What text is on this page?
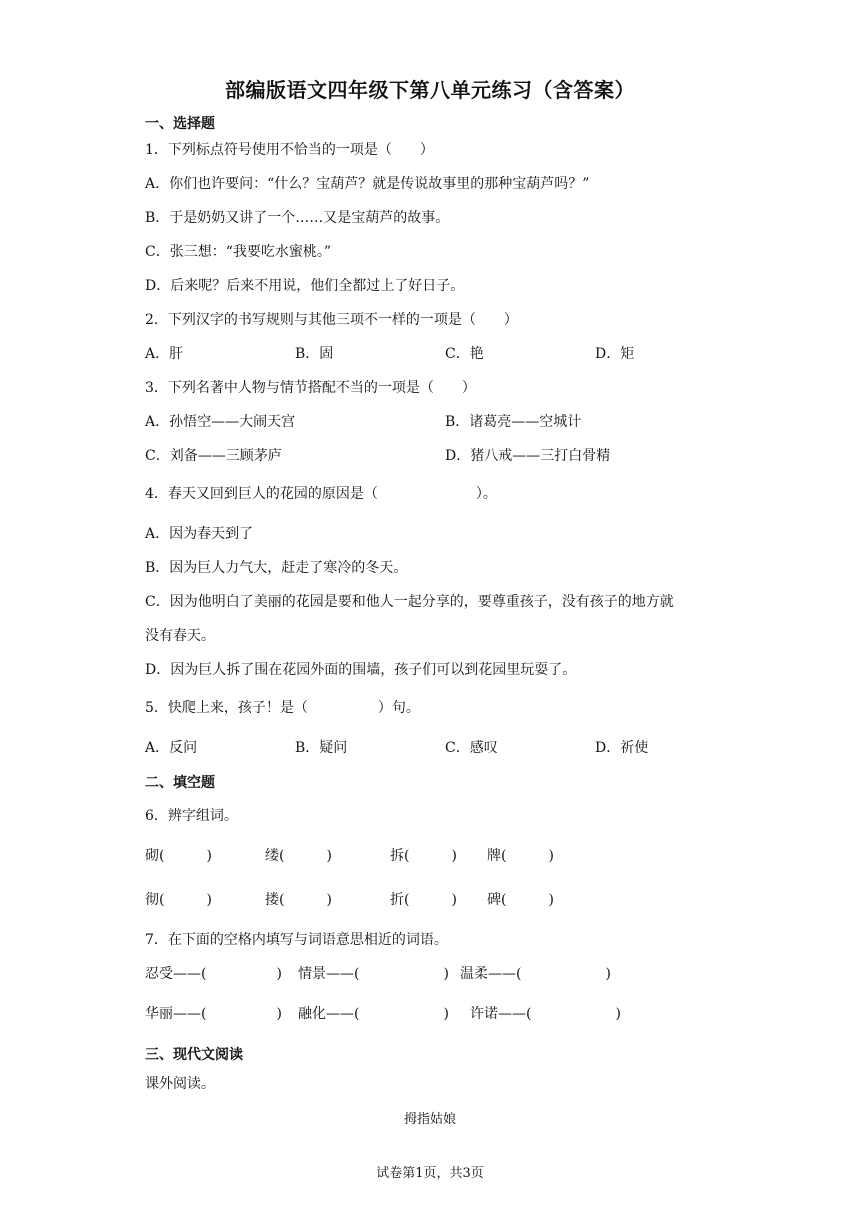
部编版语文四年级下第八单元练习（含答案）
一、选择题
1．下列标点符号使用不恰当的一项是（　　）
A．你们也许要问：“什么？宝葫芦？就是传说故事里的那种宝葫芦吗？”
B．于是奶奶又讲了一个……又是宝葫芦的故事。
C．张三想：“我要吃水蜜桃。”
D．后来呢？后来不用说，他们全都过上了好日子。
2．下列汉字的书写规则与其他三项不一样的一项是（　　）
A．肝	B．固	C．艳	D．矩
3．下列名著中人物与情节搭配不当的一项是（　　）
A．孙悟空——大闹天宫	B．诸葛亮——空城计
C．刘备——三顾茅庐	D．猪八戒——三打白骨精
4．春天又回到巨人的花园的原因是（　　　　　　　）。
A．因为春天到了
B．因为巨人力气大，赶走了寒冷的冬天。
C．因为他明白了美丽的花园是要和他人一起分享的，要尊重孩子，没有孩子的地方就
没有春天。
D．因为巨人拆了围在花园外面的围墙，孩子们可以到花园里玩耍了。
5．快爬上来，孩子！是（　　　　　）句。
A．反问	B．疑问	C．感叹	D．祈使
二、填空题
6．辨字组词。
砌(　　　)	缕(　　　)	拆(　　　) 牌(　　　)
彻(　　　)	搂(　　　)	折(　　　) 碑(　　　)
7．在下面的空格内填写与词语意思相近的词语。
忍受——(　　　　　) 情景——(　　　　　　) 温柔——(　　　　　　)
华丽——(　　　　　) 融化——(　　　　　　) 许诺——(　　　　　　)
三、现代文阅读
课外阅读。
拇指姑娘
试卷第1页，共3页
